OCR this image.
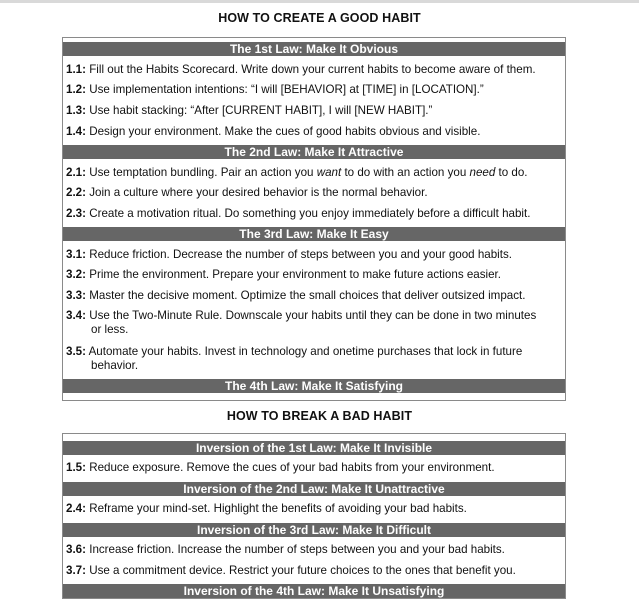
HOW TO CREATE A GOOD HABIT
The 1st Law: Make It Obvious
1.1: Fill out the Habits Scorecard. Write down your current habits to become aware of them.
1.2: Use implementation intentions: “I will [BEHAVIOR] at [TIME] in [LOCATION].”
1.3: Use habit stacking: “After [CURRENT HABIT], I will [NEW HABIT].”
1.4: Design your environment. Make the cues of good habits obvious and visible.
The 2nd Law: Make It Attractive
2.1: Use temptation bundling. Pair an action you want to do with an action you need to do.
2.2: Join a culture where your desired behavior is the normal behavior.
2.3: Create a motivation ritual. Do something you enjoy immediately before a difficult habit.
The 3rd Law: Make It Easy
3.1: Reduce friction. Decrease the number of steps between you and your good habits.
3.2: Prime the environment. Prepare your environment to make future actions easier.
3.3: Master the decisive moment. Optimize the small choices that deliver outsized impact.
3.4: Use the Two-Minute Rule. Downscale your habits until they can be done in two minutes
or less.
3.5: Automate your habits. Invest in technology and onetime purchases that lock in future
behavior.
The 4th Law: Make It Satisfying
HOW TO BREAK A BAD HABIT
Inversion of the 1st Law: Make It Invisible
1.5: Reduce exposure. Remove the cues of your bad habits from your environment.
Inversion of the 2nd Law: Make It Unattractive
2.4: Reframe your mind-set. Highlight the benefits of avoiding your bad habits.
Inversion of the 3rd Law: Make It Difficult
3.6: Increase friction. Increase the number of steps between you and your bad habits.
3.7: Use a commitment device. Restrict your future choices to the ones that benefit you.
Inversion of the 4th Law: Make It Unsatisfying
